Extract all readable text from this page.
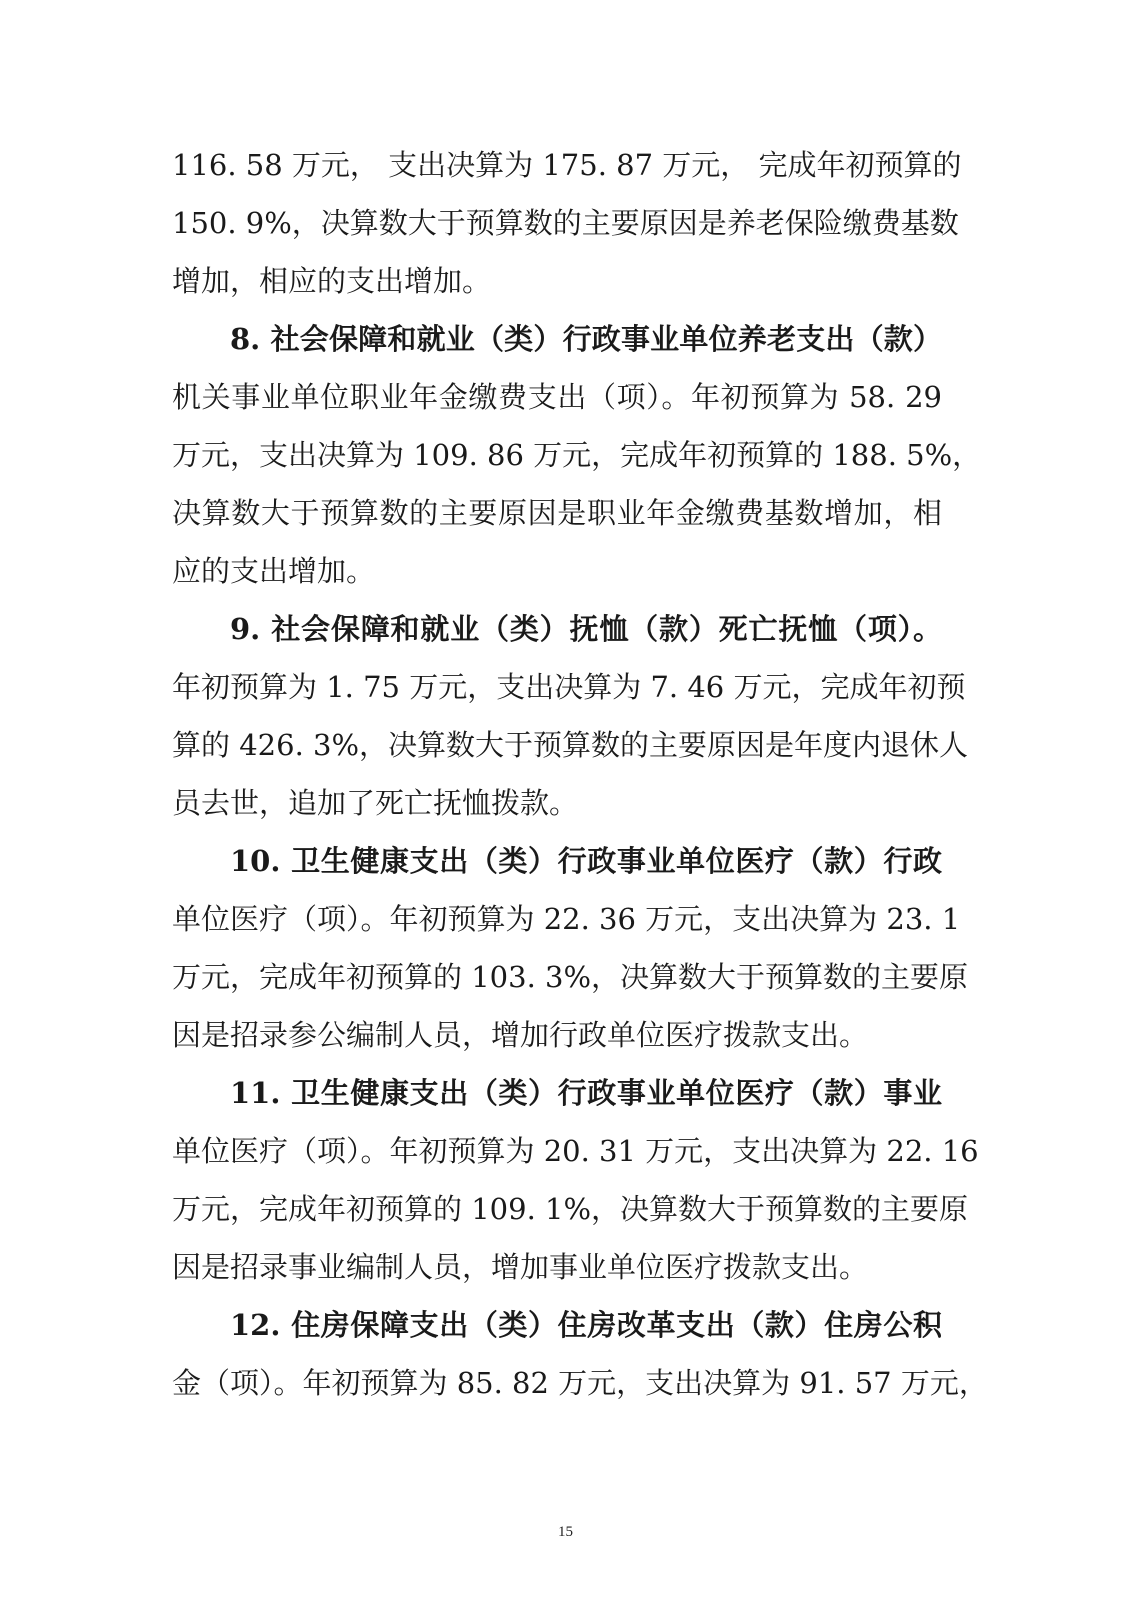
116. 58 万元， 支出决算为 175. 87 万元， 完成年初预算的
150. 9%，决算数大于预算数的主要原因是养老保险缴费基数
增加，相应的支出增加。
8. 社会保障和就业（类）行政事业单位养老支出（款）
机关事业单位职业年金缴费支出（项）。年初预算为 58. 29
万元，支出决算为 109. 86 万元，完成年初预算的 188. 5%，
决算数大于预算数的主要原因是职业年金缴费基数增加，相
应的支出增加。
9. 社会保障和就业（类）抚恤（款）死亡抚恤（项）。
年初预算为 1. 75 万元，支出决算为 7. 46 万元，完成年初预
算的 426. 3%，决算数大于预算数的主要原因是年度内退休人
员去世，追加了死亡抚恤拨款。
10. 卫生健康支出（类）行政事业单位医疗（款）行政
单位医疗（项）。年初预算为 22. 36 万元，支出决算为 23. 1
万元，完成年初预算的 103. 3%，决算数大于预算数的主要原
因是招录参公编制人员，增加行政单位医疗拨款支出。
11. 卫生健康支出（类）行政事业单位医疗（款）事业
单位医疗（项）。年初预算为 20. 31 万元，支出决算为 22. 16
万元，完成年初预算的 109. 1%，决算数大于预算数的主要原
因是招录事业编制人员，增加事业单位医疗拨款支出。
12. 住房保障支出（类）住房改革支出（款）住房公积
金（项）。年初预算为 85. 82 万元，支出决算为 91. 57 万元，
15
